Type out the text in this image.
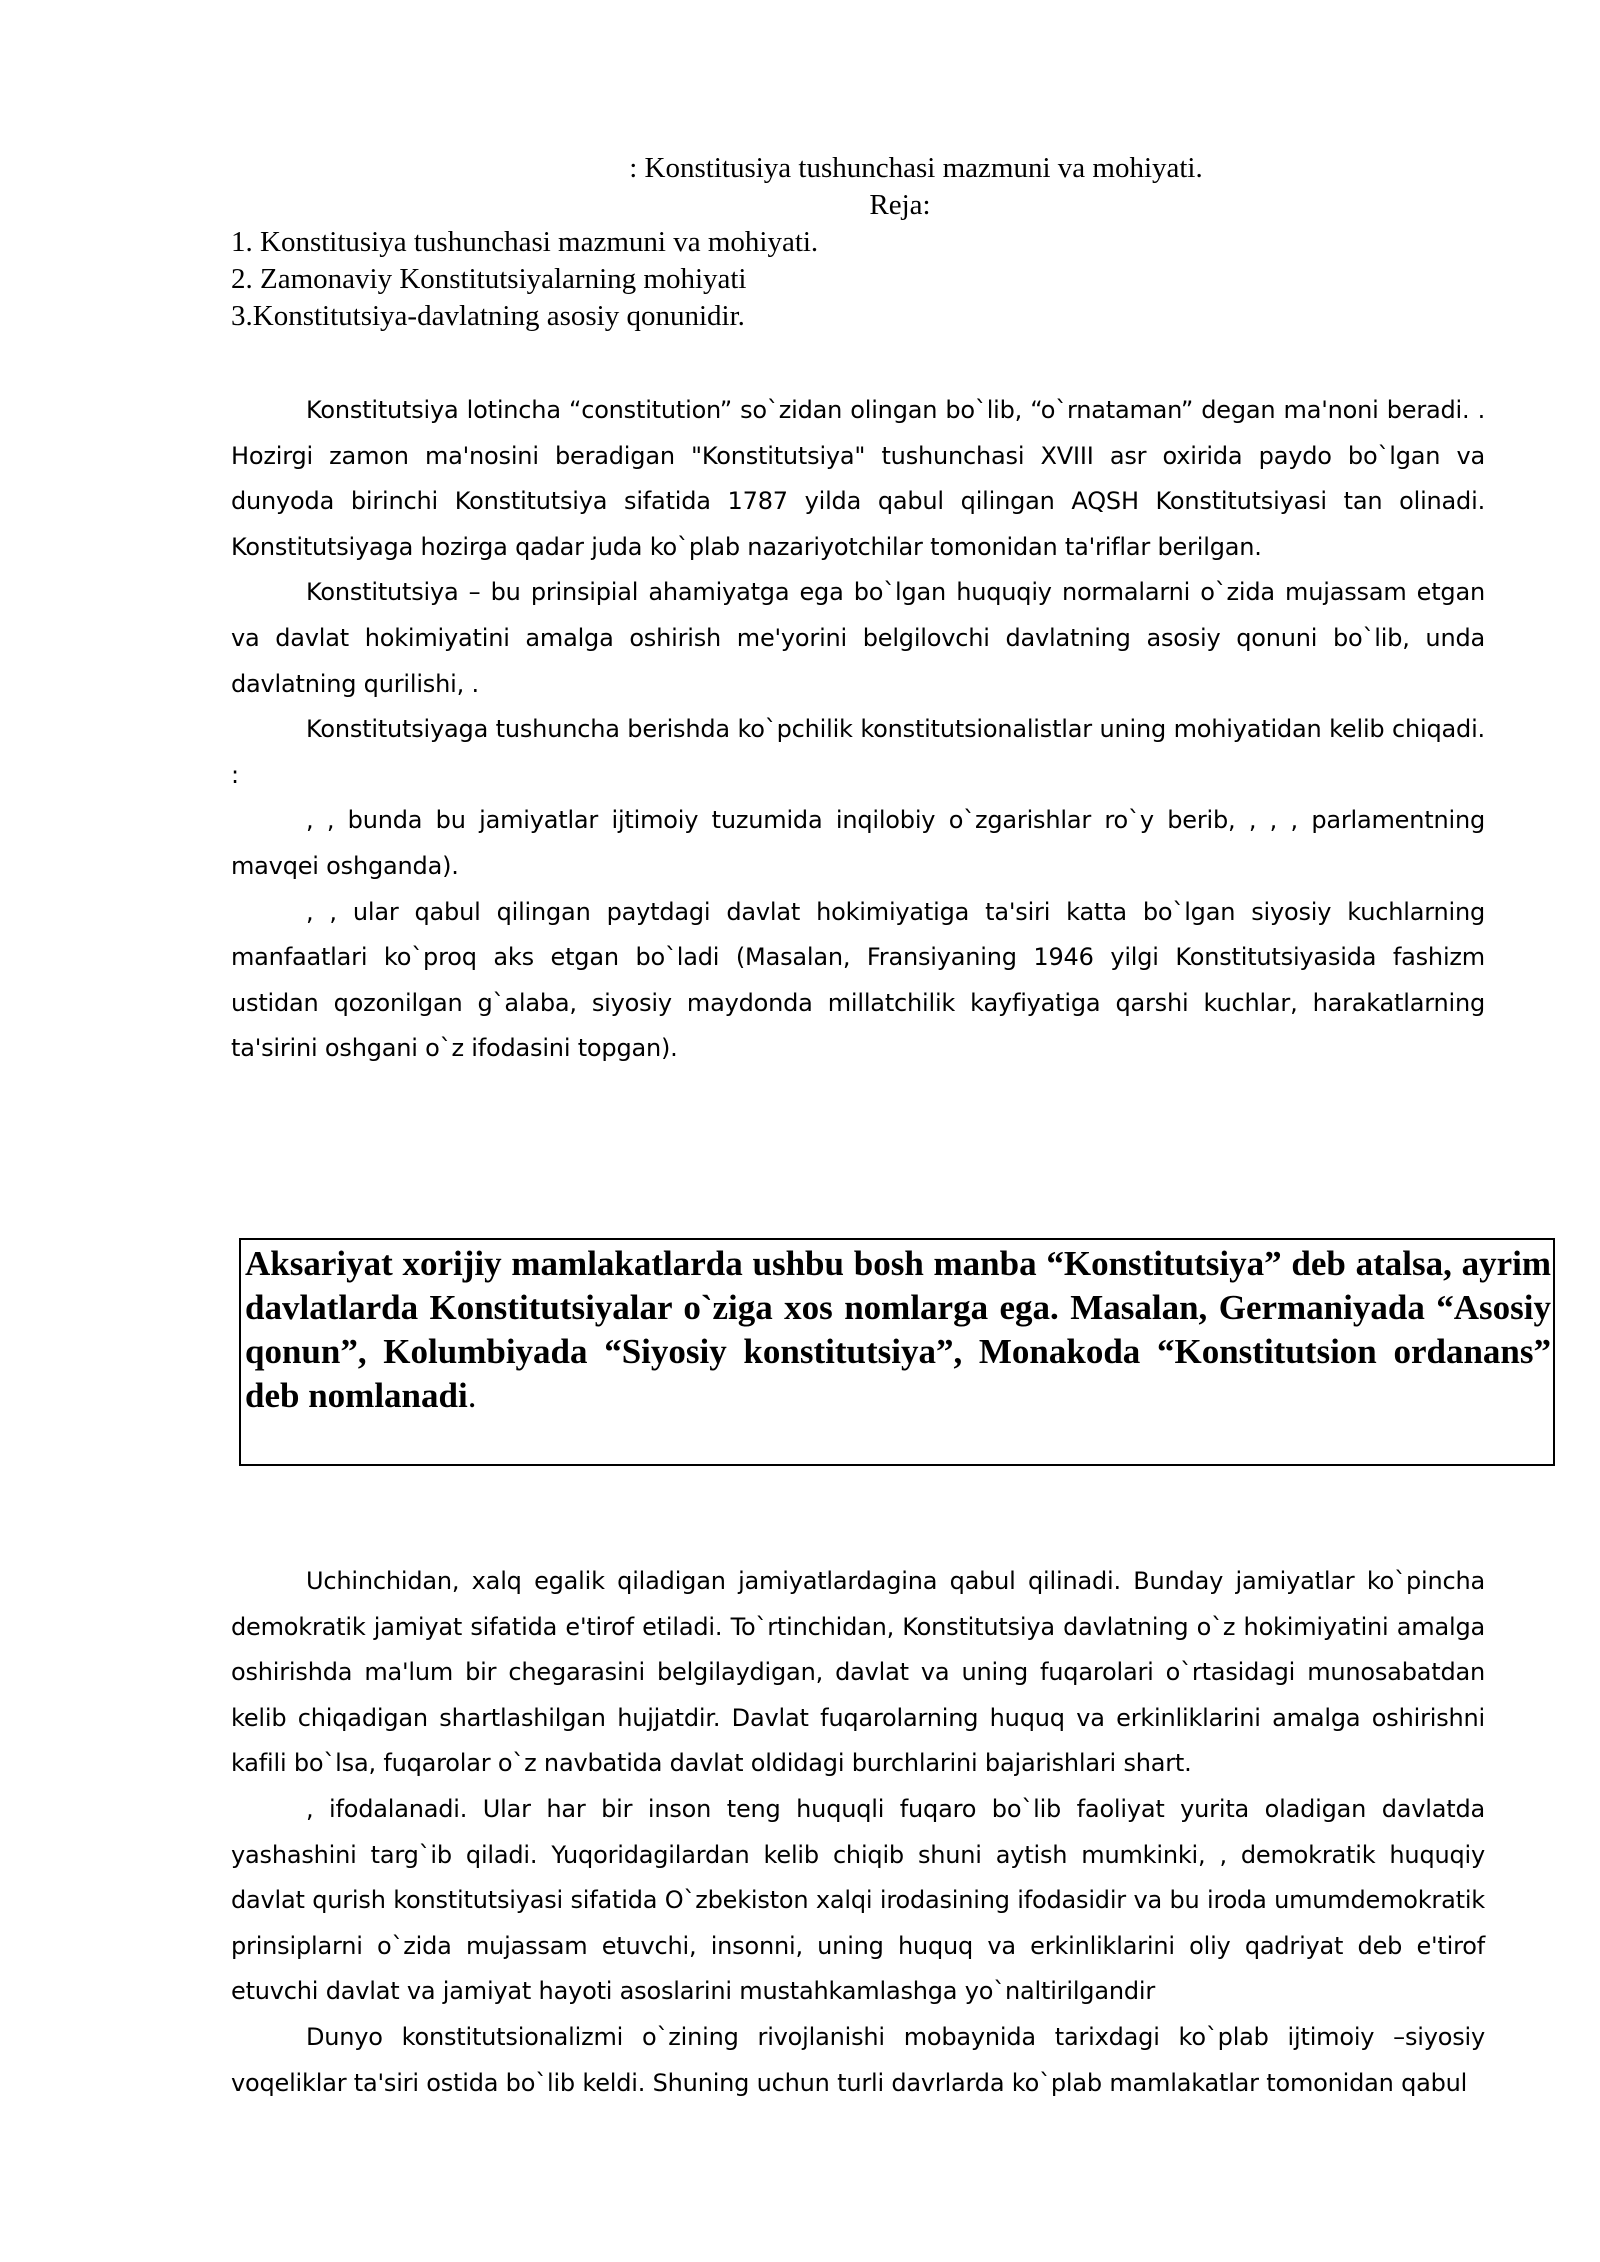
: Konstitusiya tushunchasi mazmuni va mohiyati.
Reja:
1. Konstitusiya tushunchasi mazmuni va mohiyati.
2. Zamonaviy Konstitutsiyalarning mohiyati
3.Konstitutsiya-davlatning asosiy qonunidir.

Konstitutsiya lotincha “constitution” so`zidan olingan bo`lib, “o`rnataman” degan ma'noni beradi. . Hozirgi zamon ma'nosini beradigan "Konstitutsiya" tushunchasi XVIII asr oxirida paydo bo`lgan va dunyoda birinchi Konstitutsiya sifatida 1787 yilda qabul qilingan AQSH Konstitutsiyasi tan olinadi. Konstitutsiyaga hozirga qadar juda ko`plab nazariyotchilar tomonidan ta'riflar berilgan.

Konstitutsiya – bu prinsipial ahamiyatga ega bo`lgan huquqiy normalarni o`zida mujassam etgan va davlat hokimiyatini amalga oshirish me'yorini belgilovchi davlatning asosiy qonuni bo`lib, unda davlatning qurilishi, .

Konstitutsiyaga tushuncha berishda ko`pchilik konstitutsionalistlar uning mohiyatidan kelib chiqadi. :

, , bunda bu jamiyatlar ijtimoiy tuzumida inqilobiy o`zgarishlar ro`y berib, , , , parlamentning mavqei oshganda).

, , ular qabul qilingan paytdagi davlat hokimiyatiga ta'siri katta bo`lgan siyosiy kuchlarning manfaatlari ko`proq aks etgan bo`ladi (Masalan, Fransiyaning 1946 yilgi Konstitutsiyasida fashizm ustidan qozonilgan g`alaba, siyosiy maydonda millatchilik kayfiyatiga qarshi kuchlar, harakatlarning ta'sirini oshgani o`z ifodasini topgan).

Aksariyat xorijiy mamlakatlarda ushbu bosh manba “Konstitutsiya” deb atalsa, ayrim davlatlarda Konstitutsiyalar o`ziga xos nomlarga ega. Masalan, Germaniyada “Asosiy qonun”, Kolumbiyada “Siyosiy konstitutsiya”, Monakoda “Konstitutsion ordanans” deb nomlanadi.

Uchinchidan, xalq egalik qiladigan jamiyatlardagina qabul qilinadi. Bunday jamiyatlar ko`pincha demokratik jamiyat sifatida e'tirof etiladi. To`rtinchidan, Konstitutsiya davlatning o`z hokimiyatini amalga oshirishda ma'lum bir chegarasini belgilaydigan, davlat va uning fuqarolari o`rtasidagi munosabatdan kelib chiqadigan shartlashilgan hujjatdir. Davlat fuqarolarning huquq va erkinliklarini amalga oshirishni kafili bo`lsa, fuqarolar o`z navbatida davlat oldidagi burchlarini bajarishlari shart.

, ifodalanadi. Ular har bir inson teng huquqli fuqaro bo`lib faoliyat yurita oladigan davlatda yashashini targ`ib qiladi. Yuqoridagilardan kelib chiqib shuni aytish mumkinki, , demokratik huquqiy davlat qurish konstitutsiyasi sifatida O`zbekiston xalqi irodasining ifodasidir va bu iroda umumdemokratik prinsiplarni o`zida mujassam etuvchi, insonni, uning huquq va erkinliklarini oliy qadriyat deb e'tirof etuvchi davlat va jamiyat hayoti asoslarini mustahkamlashga yo`naltirilgandir

Dunyo konstitutsionalizmi o`zining rivojlanishi mobaynida tarixdagi ko`plab ijtimoiy –siyosiy voqeliklar ta'siri ostida bo`lib keldi. Shuning uchun turli davrlarda ko`plab mamlakatlar tomonidan qabul
